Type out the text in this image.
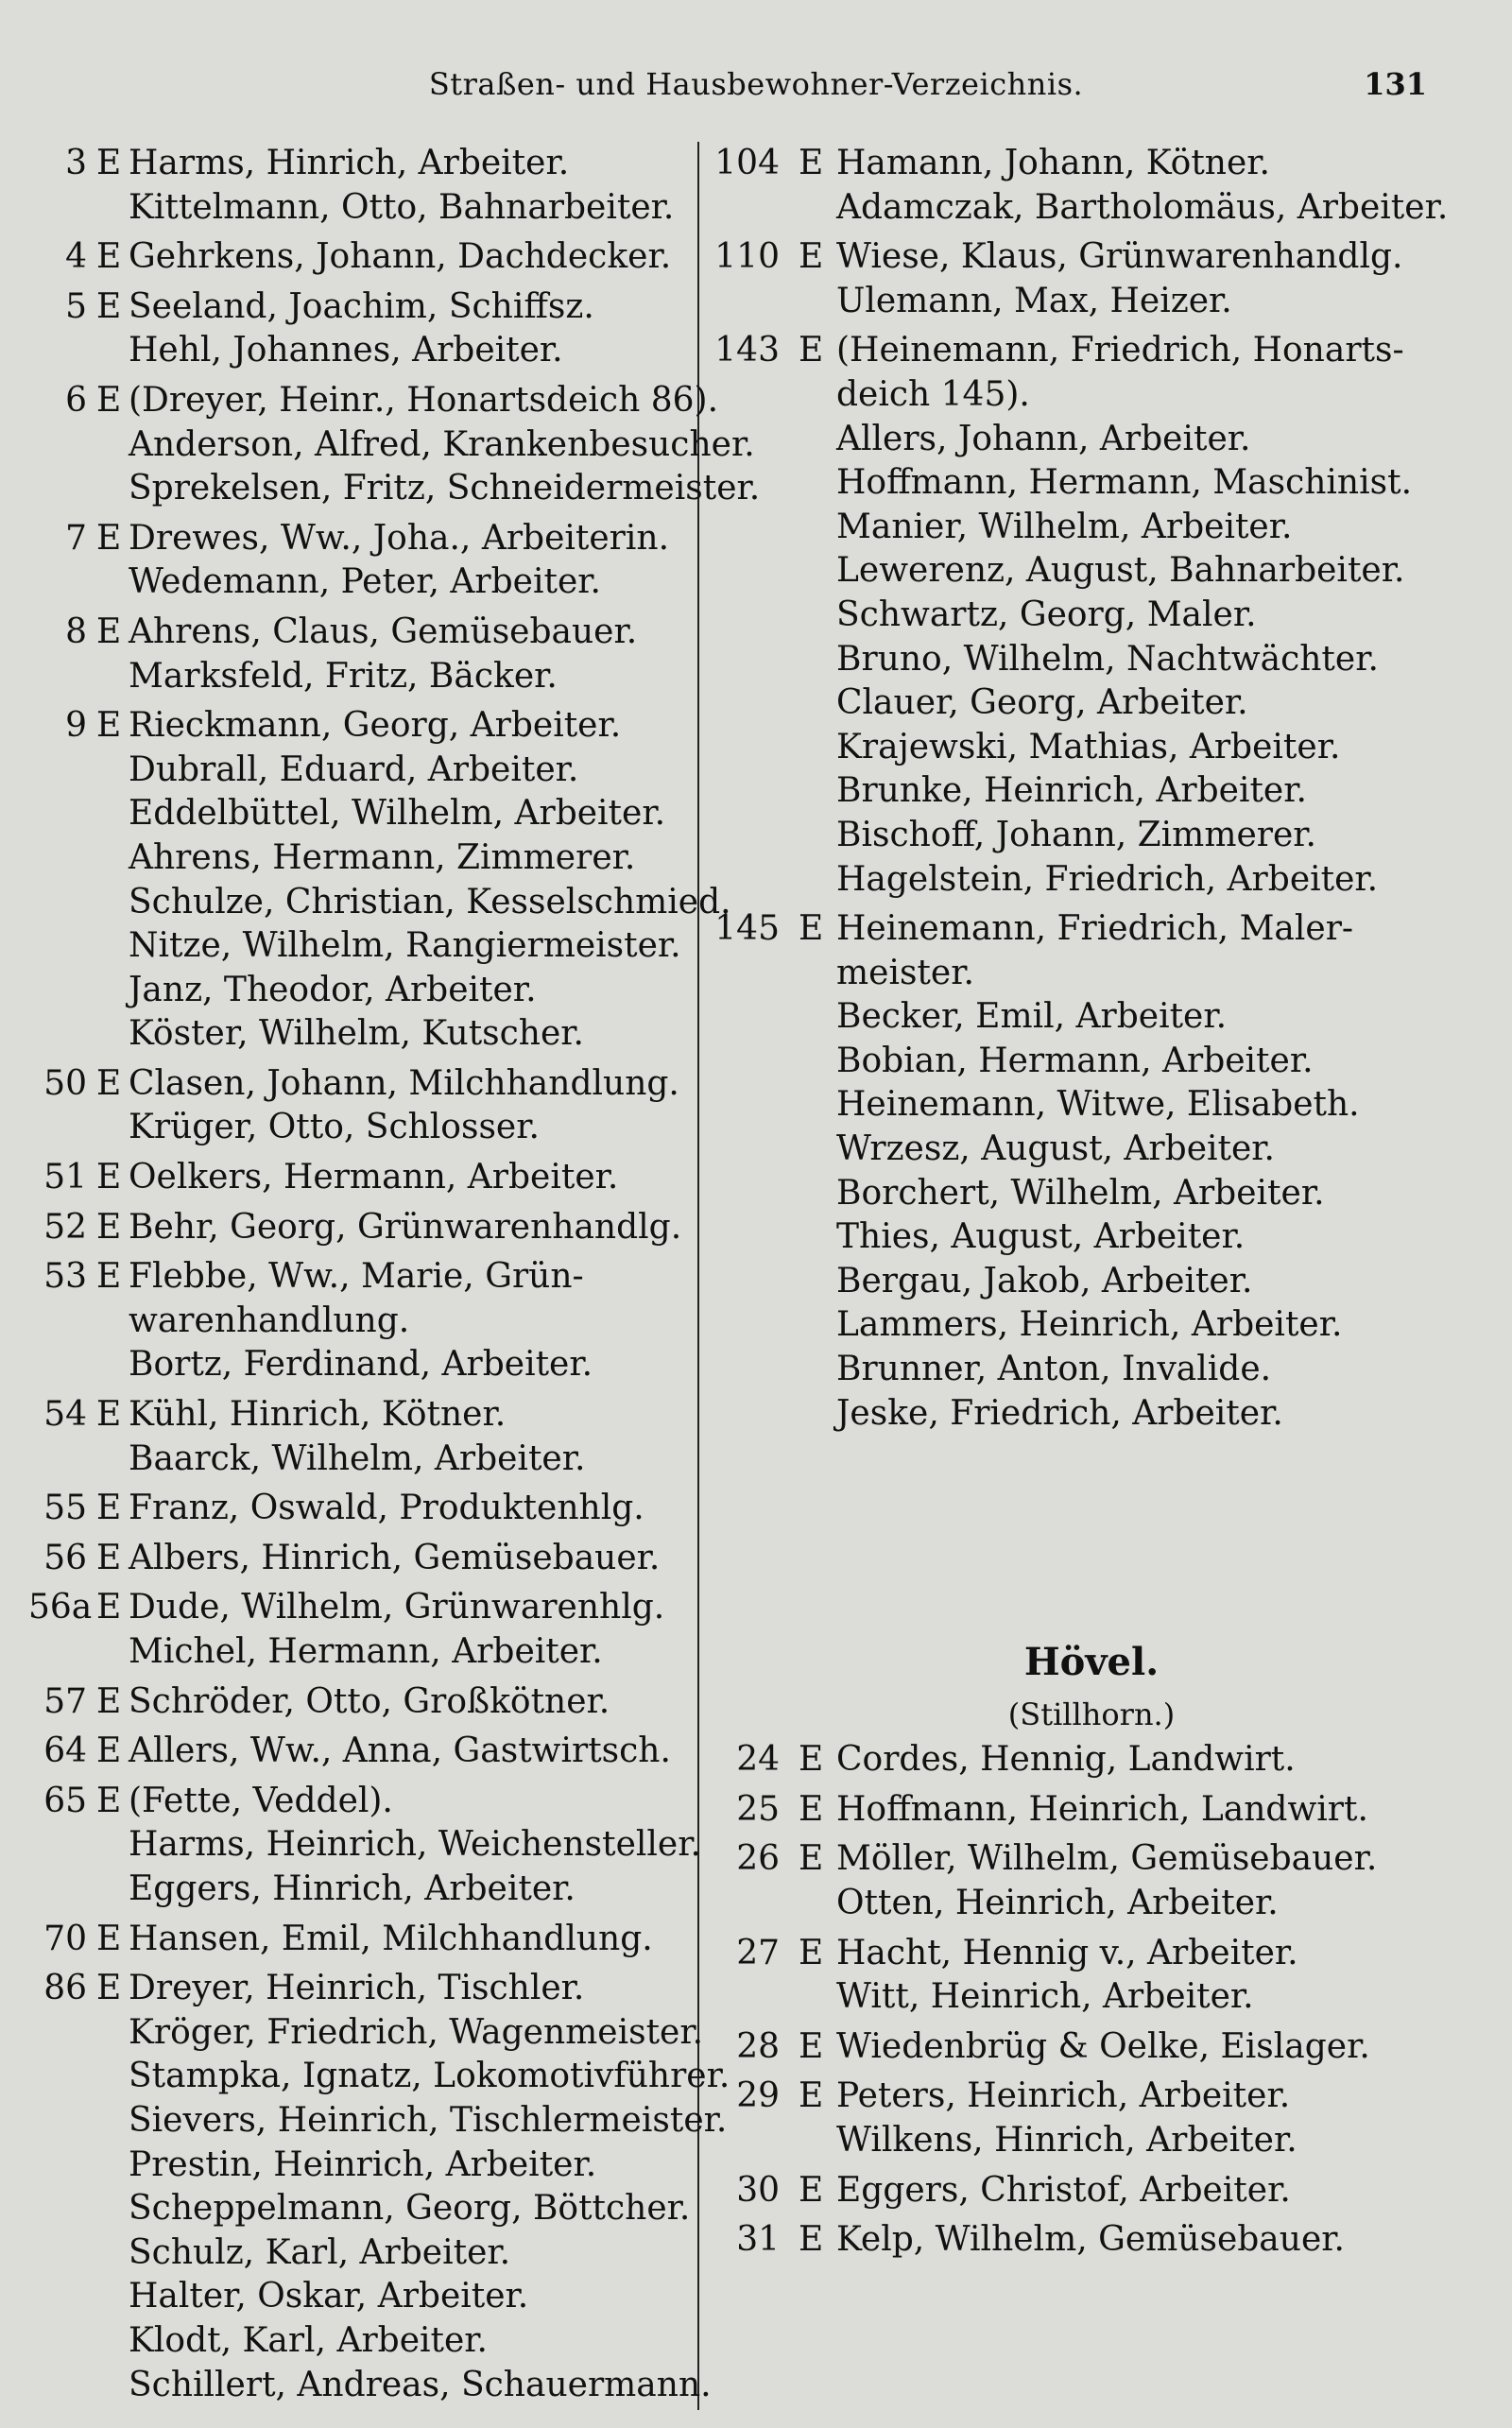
Straßen- und Hausbewohner-Verzeichnis.	131
3 E Harms, Hinrich, Arbeiter.
Kittelmann, Otto, Bahnarbeiter.
4 E Gehrkens, Johann, Dachdecker.
5 E Seeland, Joachim, Schiffsz.
Hehl, Johannes, Arbeiter.
6 E (Dreyer, Heinr., Honartsdeich 86).
Anderson, Alfred, Krankenbesucher.
Sprekelsen, Fritz, Schneidermeister.
7 E Drewes, Ww., Joha., Arbeiterin.
Wedemann, Peter, Arbeiter.
8 E Ahrens, Claus, Gemüsebauer.
Marksfeld, Fritz, Bäcker.
9 E Rieckmann, Georg, Arbeiter.
Dubrall, Eduard, Arbeiter.
Eddelbüttel, Wilhelm, Arbeiter.
Ahrens, Hermann, Zimmerer.
Schulze, Christian, Kesselschmied.
Nitze, Wilhelm, Rangiermeister.
Janz, Theodor, Arbeiter.
Köster, Wilhelm, Kutscher.
50 E Clasen, Johann, Milchhandlung.
Krüger, Otto, Schlosser.
51 E Oelkers, Hermann, Arbeiter.
52 E Behr, Georg, Grünwarenhandlg.
53 E Flebbe, Ww., Marie, Grün-
warenhandlung.
Bortz, Ferdinand, Arbeiter.
54 E Kühl, Hinrich, Kötner.
Baarck, Wilhelm, Arbeiter.
55 E Franz, Oswald, Produktenhlg.
56 E Albers, Hinrich, Gemüsebauer.
56a E Dude, Wilhelm, Grünwarenhlg.
Michel, Hermann, Arbeiter.
57 E Schröder, Otto, Großkötner.
64 E Allers, Ww., Anna, Gastwirtsch.
65 E (Fette, Veddel).
Harms, Heinrich, Weichensteller.
Eggers, Hinrich, Arbeiter.
70 E Hansen, Emil, Milchhandlung.
86 E Dreyer, Heinrich, Tischler.
Kröger, Friedrich, Wagenmeister.
Stampka, Ignatz, Lokomotivführer.
Sievers, Heinrich, Tischlermeister.
Prestin, Heinrich, Arbeiter.
Scheppelmann, Georg, Böttcher.
Schulz, Karl, Arbeiter.
Halter, Oskar, Arbeiter.
Klodt, Karl, Arbeiter.
Schillert, Andreas, Schauermann.
104 E Hamann, Johann, Kötner.
Adamczak, Bartholomäus, Arbeiter.
110 E Wiese, Klaus, Grünwarenhandlg.
Ulemann, Max, Heizer.
143 E (Heinemann, Friedrich, Honarts-
deich 145).
Allers, Johann, Arbeiter.
Hoffmann, Hermann, Maschinist.
Manier, Wilhelm, Arbeiter.
Lewerenz, August, Bahnarbeiter.
Schwartz, Georg, Maler.
Bruno, Wilhelm, Nachtwächter.
Clauer, Georg, Arbeiter.
Krajewski, Mathias, Arbeiter.
Brunke, Heinrich, Arbeiter.
Bischoff, Johann, Zimmerer.
Hagelstein, Friedrich, Arbeiter.
145 E Heinemann, Friedrich, Maler-
meister.
Becker, Emil, Arbeiter.
Bobian, Hermann, Arbeiter.
Heinemann, Witwe, Elisabeth.
Wrzesz, August, Arbeiter.
Borchert, Wilhelm, Arbeiter.
Thies, August, Arbeiter.
Bergau, Jakob, Arbeiter.
Lammers, Heinrich, Arbeiter.
Brunner, Anton, Invalide.
Jeske, Friedrich, Arbeiter.
Hövel.
(Stillhorn.)
24 E Cordes, Hennig, Landwirt.
25 E Hoffmann, Heinrich, Landwirt.
26 E Möller, Wilhelm, Gemüsebauer.
Otten, Heinrich, Arbeiter.
27 E Hacht, Hennig v., Arbeiter.
Witt, Heinrich, Arbeiter.
28 E Wiedenbrüg & Oelke, Eislager.
29 E Peters, Heinrich, Arbeiter.
Wilkens, Hinrich, Arbeiter.
30 E Eggers, Christof, Arbeiter.
31 E Kelp, Wilhelm, Gemüsebauer.
